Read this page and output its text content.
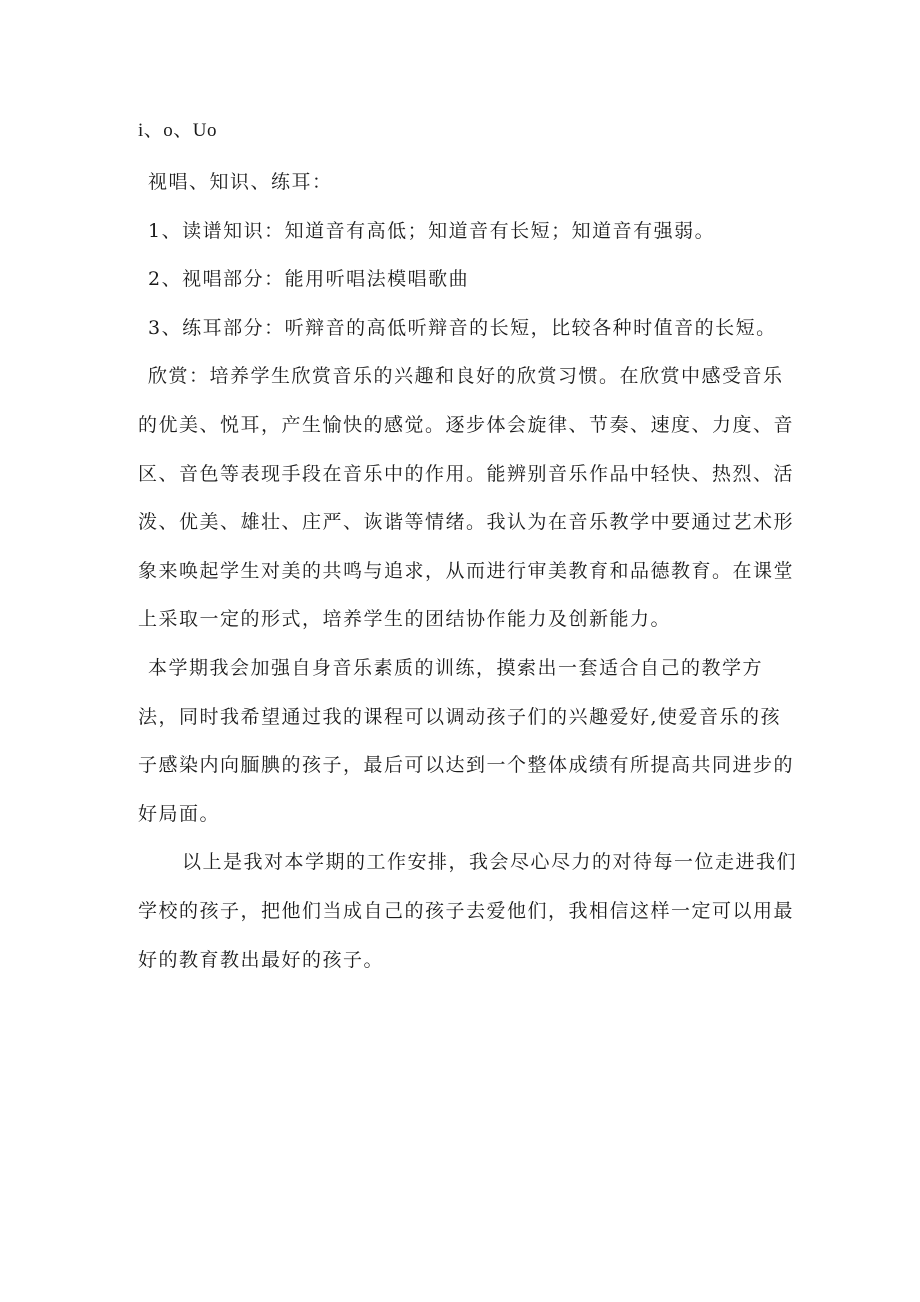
i、o、Uo

视唱、知识、练耳：

1、读谱知识：知道音有高低；知道音有长短；知道音有强弱。

2、视唱部分：能用听唱法模唱歌曲

3、练耳部分：听辩音的高低听辩音的长短，比较各种时值音的长短。

欣赏：培养学生欣赏音乐的兴趣和良好的欣赏习惯。在欣赏中感受音乐的优美、悦耳，产生愉快的感觉。逐步体会旋律、节奏、速度、力度、音区、音色等表现手段在音乐中的作用。能辨别音乐作品中轻快、热烈、活泼、优美、雄壮、庄严、诙谐等情绪。我认为在音乐教学中要通过艺术形象来唤起学生对美的共鸣与追求，从而进行审美教育和品德教育。在课堂上采取一定的形式，培养学生的团结协作能力及创新能力。

本学期我会加强自身音乐素质的训练，摸索出一套适合自己的教学方法，同时我希望通过我的课程可以调动孩子们的兴趣爱好,使爱音乐的孩子感染内向腼腆的孩子，最后可以达到一个整体成绩有所提高共同进步的好局面。

以上是我对本学期的工作安排，我会尽心尽力的对待每一位走进我们学校的孩子，把他们当成自己的孩子去爱他们，我相信这样一定可以用最好的教育教出最好的孩子。
